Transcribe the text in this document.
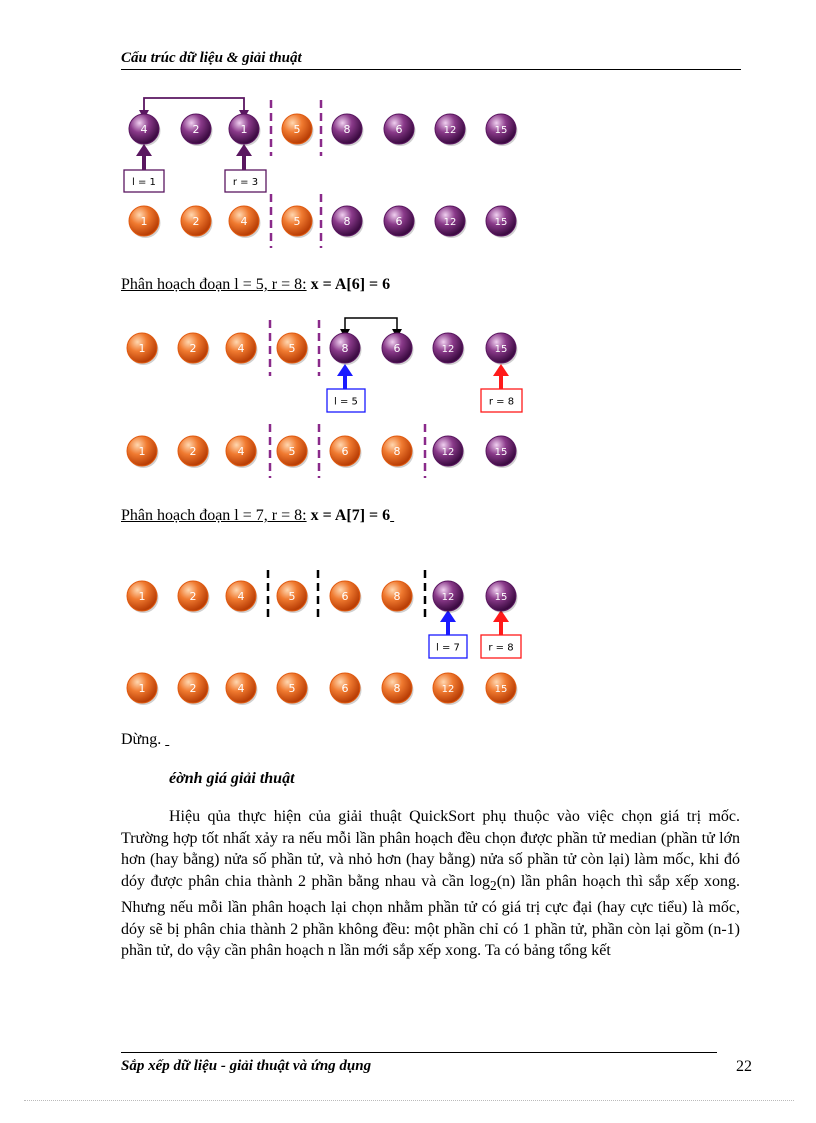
Cấu trúc dữ liệu & giải thuật
l = 1	r = 3
l = 5	r = 8
l = 7	r = 8
4	2	1	5	8	6	12	15
1	2	4	5	8	6	12	15
1	2	4	5	8	6	12	15
1	2	4	5	6	8	12	15
1	2	4	5	6	8	12	15
1	2	4	5	6	8	12	15
Phân hoạch đoạn l = 5, r = 8: x = A[6] = 6
Phân hoạch đoạn l = 7, r = 8: x = A[7] = 6
Dừng.
éờnh giá giải thuật

Hiệu qủa thực hiện của giải thuật QuickSort phụ thuộc vào việc chọn giá trị mốc. Trường hợp tốt nhất xảy ra nếu mỗi lần phân hoạch đều chọn được phần tử median (phần tử lớn hơn (hay bằng) nửa số phần tử, và nhỏ hơn (hay bằng) nửa số phần tử còn lại) làm mốc, khi đó dóy được phân chia thành 2 phần bằng nhau và cần $\log_2(n)$ lần phân hoạch thì sắp xếp xong. Nhưng nếu mỗi lần phân hoạch lại chọn nhằm phần tử có giá trị cực đại (hay cực tiểu) là mốc, dóy sẽ bị phân chia thành 2 phần không đều: một phần chỉ có 1 phần tử, phần còn lại gồm (n-1) phần tử, do vậy cần phân hoạch n lần mới sắp xếp xong. Ta có bảng tổng kết

Sắp xếp dữ liệu - giải thuật và ứng dụng	22
